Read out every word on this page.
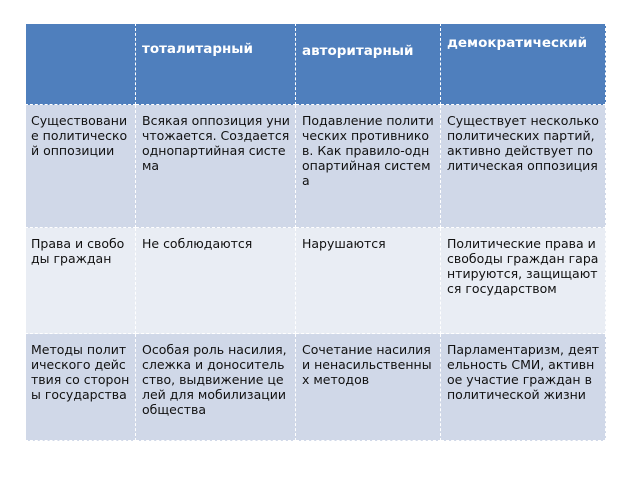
	тоталитарный	авторитарный	демократический
Существование политической оппозиции	Всякая оппозиция уничтожается. Создается однопартийная система	Подавление политических противников. Как правило-однопартийная система	Существует несколько политических партий, активно действует политическая оппозиция
Права и свободы граждан	Не соблюдаются	Нарушаются	Политические права и свободы граждан гарантируются, защищаются государством
Методы политического действия со стороны государства	Особая роль насилия, слежка и доносительство, выдвижение целей для мобилизации общества	Сочетание насилия и ненасильственных методов	Парламентаризм, деятельность СМИ, активное участие граждан в политической жизни
